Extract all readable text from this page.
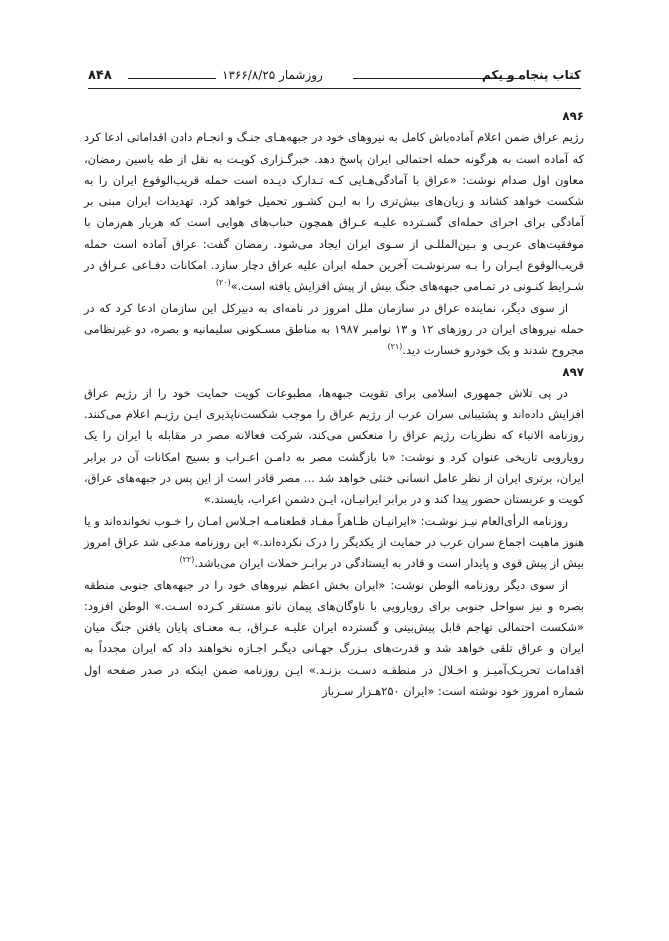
۸۴۸	روزشمار ۱۳۶۶/۸/۲۵	کتاب پنجاه و یکم

۸۹۶

رژیم عراق ضمن اعلام آماده‌باش کامل به نیروهای خود در جبهه‌هـای جنـگ و انجـام دادن اقداماتی ادعا کرد که آماده است به هرگونه حمله احتمالی ایران پاسخ دهد. خبرگـزاری کویـت به نقل از طه یاسین رمضان، معاون اول صدام نوشت: «عراق با آمادگی‌هـایی کـه تـدارک دیـده است حمله قریب‌الوقوع ایران را به شکست خواهد کشاند و زیان‌های بیش‌تری را به ایـن کشـور تحمیل خواهد کرد. تهدیدات ایران مبنی بر آمادگی برای اجرای حمله‌ای گسـترده علیـه عـراق همچون حباب‌های هوایی است که هربار هم‌زمان با موفقیت‌های عربـی و بـین‌المللـی از سـوی ایران ایجاد می‌شود. رمضان گفت: عراق آماده است حمله قریب‌الوقوع ایـران را بـه سرنوشـت آخرین حمله ایران علیه عراق دچار سازد. امکانات دفـاعی عـراق در شـرایط کنـونی در تمـامی جبهه‌های جنگ بیش از پیش افزایش یافته است.»$^{(۲۰)}$

از سوی دیگر، نماینده عراق در سازمان ملل امروز در نامه‌ای به دبیرکل این سازمان ادعا کرد که در حمله نیروهای ایران در روزهای ۱۲ و ۱۳ نوامبر ۱۹۸۷ به مناطق مسـکونی سلیمانیه و بصره، دو غیرنظامی مجروح شدند و یک خودرو خسارت دید.$^{(۲۱)}$

۸۹۷

در پی تلاش جمهوری اسلامی برای تقویت جبهه‌ها، مطبوعات کویت حمایت خود را از رژیم عراق افزایش داده‌اند و پشتیبانی سران عرب از رژیم عراق را موجب شکست‌ناپذیری ایـن رژیـم اعلام می‌کنند. روزنامه الانباء که نظریات رژیم عراق را منعکس می‌کند، شرکت فعالانه مصر در مقابله با ایران را یک رویارویی تاریخی عنوان کرد و نوشت: «با بازگشت مصر به دامـن اعـراب و بسیج امکانات آن در برابر ایران، برتری ایران از نظر عامل انسانی خنثی خواهد شد ... مصر قادر است از این پس در جبهه‌های عراق، کویت و عربستان حضور پیدا کند و در برابر ایرانیـان، ایـن دشمن اعراب، بایستد.»

روزنامه الرأی‌العام نیـز نوشـت: «ایرانیـان ظـاهراً مفـاد قطعنامـه اجـلاس امـان را خـوب نخوانده‌اند و یا هنوز ماهیت اجماع سران عرب در حمایت از یکدیگر را درک نکرده‌اند.» این روزنامه مدعی شد عراق امروز بیش از پیش قوی و پایدار است و قادر به ایستادگی در برابـر حملات ایران می‌باشد.$^{(۲۲)}$

از سوی دیگر روزنامه الوطن نوشت: «ایران بخش اعظم نیروهای خود را در جبهه‌های جنوبی منطقه بصره و نیز سواحل جنوبی برای رویارویی با ناوگان‌های پیمان ناتو مستقر کـرده اسـت.» الوطن افزود: «شکست احتمالی تهاجم قابل پیش‌بینی و گسترده ایران علیـه عـراق، بـه معنـای پایان یافتن جنگ میان ایران و عراق تلقی خواهد شد و قدرت‌های بـزرگ جهـانی دیگـر اجـازه نخواهند داد که ایران مجدداً به اقدامات تحریـک‌آمیـز و اخـلال در منطقـه دسـت بزنـد.» ایـن روزنامه ضمن اینکه در صدر صفحه اول شماره امروز خود نوشته است: «ایران ۲۵۰هـزار سـرباز
